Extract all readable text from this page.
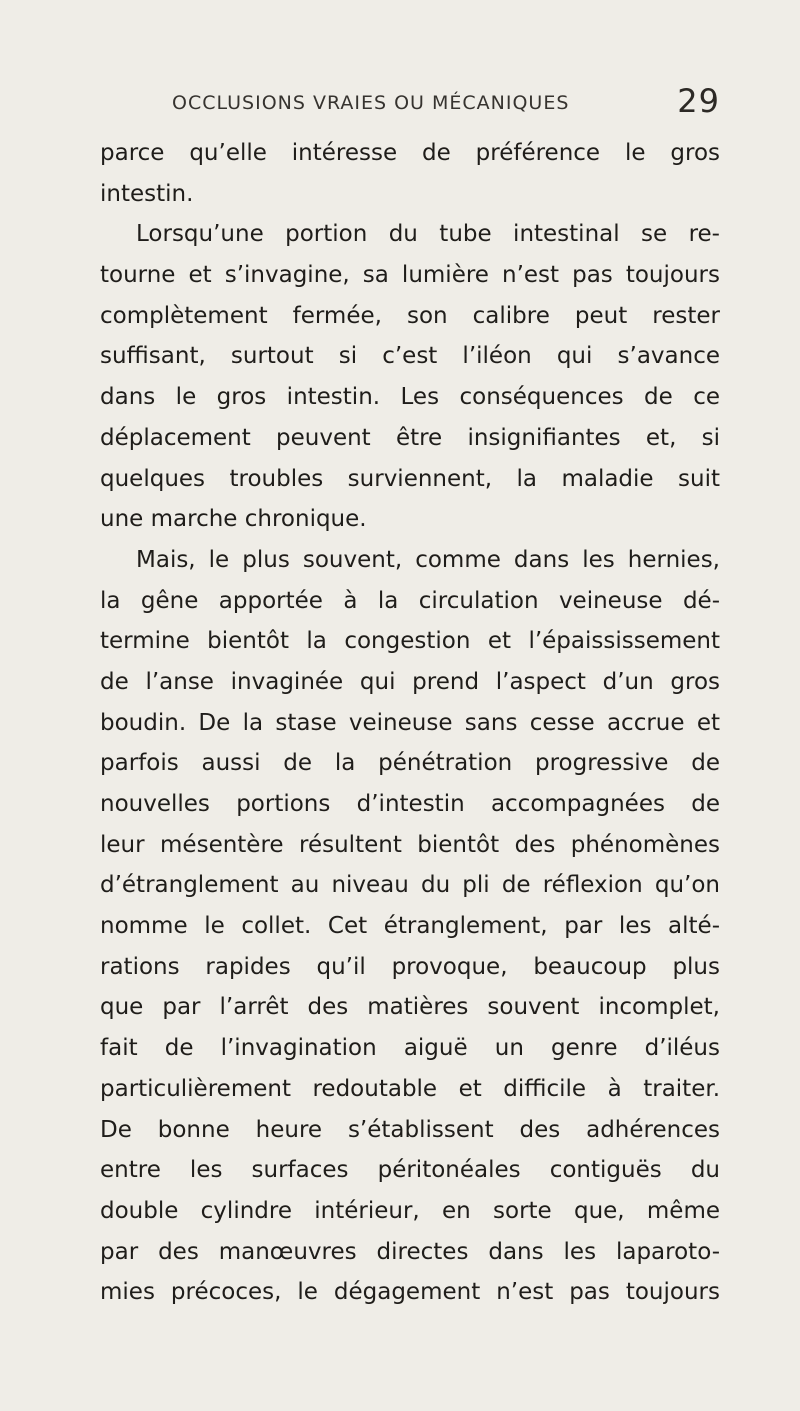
OCCLUSIONS VRAIES OU MÉCANIQUES	29
parce qu’elle intéresse de préférence le gros
intestin.
Lorsqu’une portion du tube intestinal se re-
tourne et s’invagine, sa lumière n’est pas toujours
complètement fermée, son calibre peut rester
suffisant, surtout si c’est l’iléon qui s’avance
dans le gros intestin. Les conséquences de ce
déplacement peuvent être insignifiantes et, si
quelques troubles surviennent, la maladie suit
une marche chronique.
Mais, le plus souvent, comme dans les hernies,
la gêne apportée à la circulation veineuse dé-
termine bientôt la congestion et l’épaississement
de l’anse invaginée qui prend l’aspect d’un gros
boudin. De la stase veineuse sans cesse accrue et
parfois aussi de la pénétration progressive de
nouvelles portions d’intestin accompagnées de
leur mésentère résultent bientôt des phénomènes
d’étranglement au niveau du pli de réflexion qu’on
nomme le collet. Cet étranglement, par les alté-
rations rapides qu’il provoque, beaucoup plus
que par l’arrêt des matières souvent incomplet,
fait de l’invagination aiguë un genre d’iléus
particulièrement redoutable et difficile à traiter.
De bonne heure s’établissent des adhérences
entre les surfaces péritonéales contiguës du
double cylindre intérieur, en sorte que, même
par des manœuvres directes dans les laparoto-
mies précoces, le dégagement n’est pas toujours
